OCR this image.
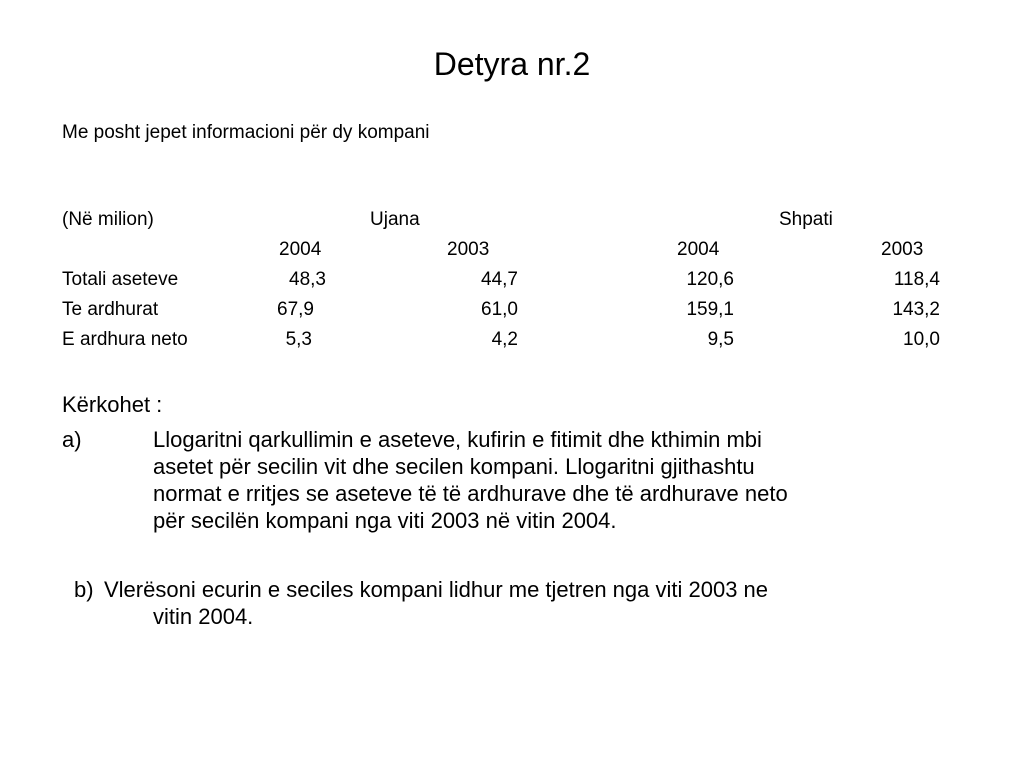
Detyra nr.2
Me posht jepet informacioni për dy kompani
(Në milion)	Ujana	Shpati
2004	2003	2004	2003
Totali aseteve	48,3	44,7	120,6	118,4
Te ardhurat	67,9	61,0	159,1	143,2
E ardhura neto	5,3	4,2	9,5	10,0
Kërkohet :
a)	Llogaritni qarkullimin e aseteve, kufirin e fitimit dhe kthimin mbi
asetet për secilin vit dhe secilen kompani. Llogaritni gjithashtu
normat e rritjes se aseteve të të ardhurave dhe të ardhurave neto
për secilën kompani nga viti 2003 në vitin 2004.
b) Vlerësoni ecurin e seciles kompani lidhur me tjetren nga viti 2003 ne
vitin 2004.
